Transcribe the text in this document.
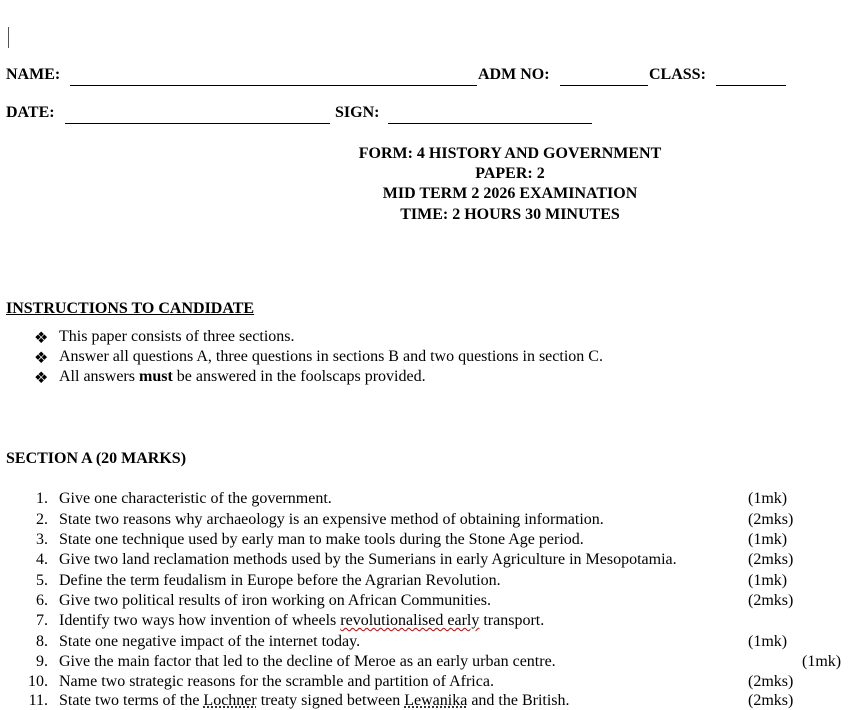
NAME:	ADM NO:	CLASS:
DATE:	SIGN:
FORM: 4 HISTORY AND GOVERNMENT
PAPER: 2
MID TERM 2 2026 EXAMINATION
TIME: 2 HOURS 30 MINUTES
INSTRUCTIONS TO CANDIDATE
❖ This paper consists of three sections.
❖ Answer all questions A, three questions in sections B and two questions in section C.
❖ All answers must be answered in the foolscaps provided.
SECTION A (20 MARKS)
1. Give one characteristic of the government.	(1mk)
2. State two reasons why archaeology is an expensive method of obtaining information.	(2mks)
3. State one technique used by early man to make tools during the Stone Age period.	(1mk)
4. Give two land reclamation methods used by the Sumerians in early Agriculture in Mesopotamia.	(2mks)
5. Define the term feudalism in Europe before the Agrarian Revolution.	(1mk)
6. Give two political results of iron working on African Communities.	(2mks)
7. Identify two ways how invention of wheels revolutionalised early transport.
8. State one negative impact of the internet today.	(1mk)
9. Give the main factor that led to the decline of Meroe as an early urban centre.	(1mk)
10. Name two strategic reasons for the scramble and partition of Africa.	(2mks)
11. State two terms of the Lochner treaty signed between Lewanika and the British.	(2mks)
